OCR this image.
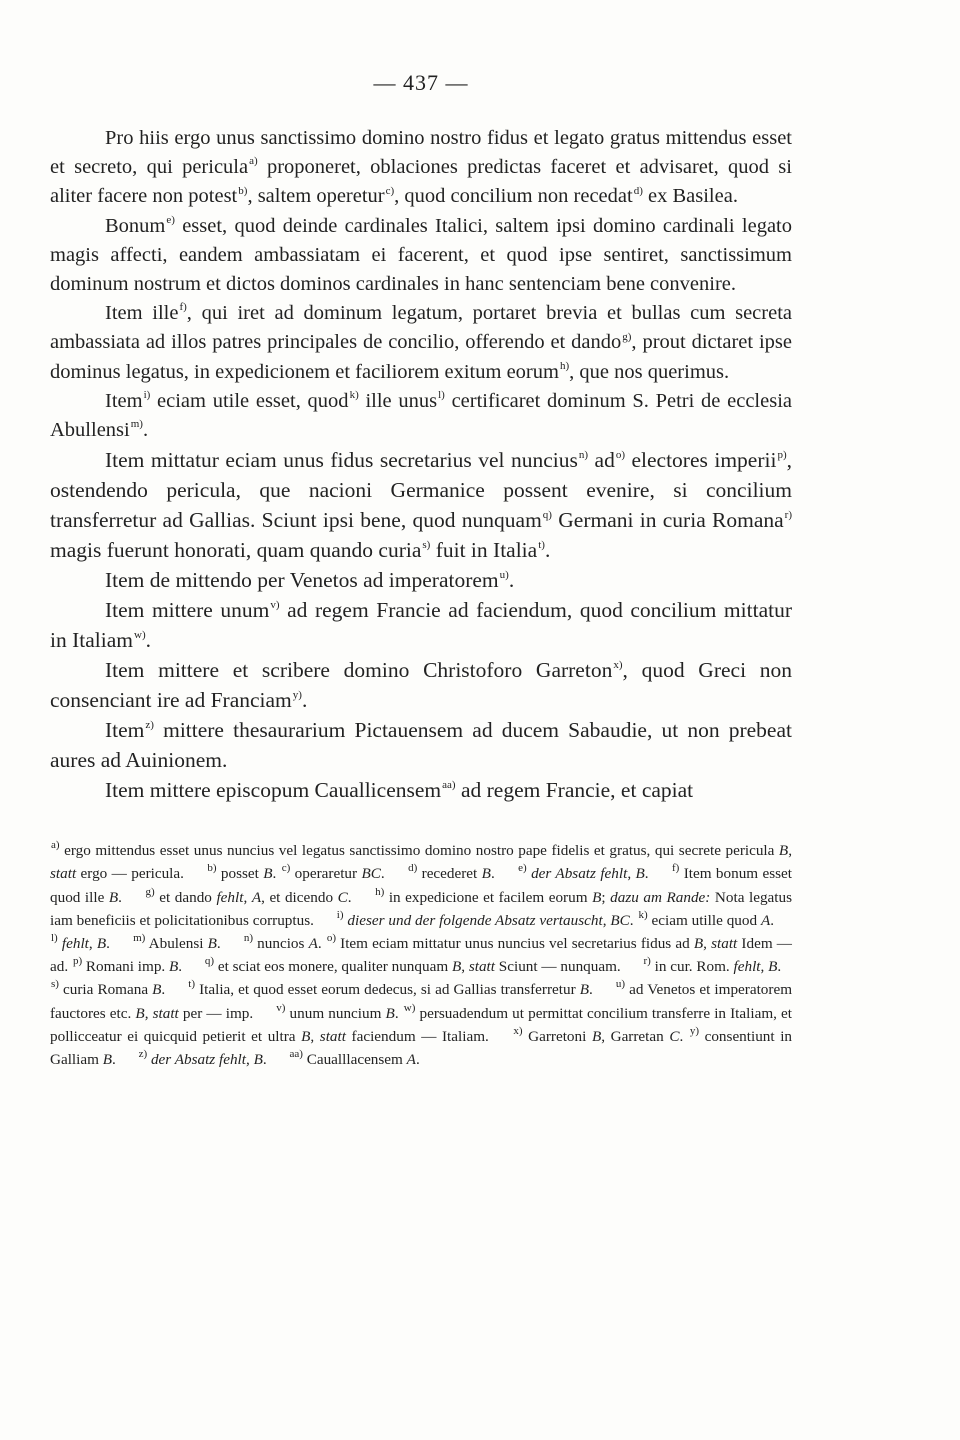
— 437 —

Pro hiis ergo unus sanctissimo domino nostro fidus et legato gratus mittendus esset et secreto, qui pericula$^{a)}$ proponeret, oblaciones predictas faceret et advisaret, quod si aliter facere non potest$^{b)}$, saltem operetur$^{c)}$, quod concilium non recedat$^{d)}$ ex Basilea.

Bonum$^{e)}$ esset, quod deinde cardinales Italici, saltem ipsi domino cardinali legato magis affecti, eandem ambassiatam ei facerent, et quod ipse sentiret, sanctissimum dominum nostrum et dictos dominos cardinales in hanc sentenciam bene convenire.

Item ille$^{f)}$, qui iret ad dominum legatum, portaret brevia et bullas cum secreta ambassiata ad illos patres principales de concilio, offerendo et dando$^{g)}$, prout dictaret ipse dominus legatus, in expedicionem et faciliorem exitum eorum$^{h)}$, que nos querimus.

Item$^{i)}$ eciam utile esset, quod$^{k)}$ ille unus$^{l)}$ certificaret dominum S. Petri de ecclesia Abullensi$^{m)}$.

Item mittatur eciam unus fidus secretarius vel nuncius$^{n)}$ $ad^{o)}$ electores imperii$^{p)}$, ostendendo pericula, que nacioni Germanice possent evenire, si concilium transferretur ad Gallias. Sciunt ipsi bene, quod nunquam$^{q)}$ Germani in curia Romana$^{r)}$ magis fuerunt honorati, quam quando curia$^{s)}$ fuit in Italia$^{t)}$.

Item de mittendo per Venetos ad imperatorem$^{u)}$.

Item mittere unum$^{v)}$ ad regem Francie ad faciendum, quod concilium mittatur in Italiam$^{w)}$.

Item mittere et scribere domino Christoforo Garreton$^{x)}$, quod Greci non consenciant ire ad Franciam$^{y)}$.

Item$^{z)}$ mittere thesaurarium Pictauensem ad ducem Sabaudie, ut non prebeat aures ad Auinionem.

Item mittere episcopum Cauallicensem$^{aa)}$ ad regem Francie, et capiat

$^{a)}$ ergo mittendus esset unus nuncius vel legatus sanctissimo domino nostro pape fidelis et gratus, qui secrete pericula B, statt ergo — pericula. $^{b)}$ posset B. $^{c)}$ operaretur BC. $^{d)}$ recederet B. $^{e)}$ der Absatz fehlt, B. $^{f)}$ Item bonum esset quod ille B. $^{g)}$ et dando fehlt, A, et dicendo C. $^{h)}$ in expedicione et facilem eorum B; dazu am Rande: Nota legatus iam beneficiis et policitationibus corruptus. $^{i)}$ dieser und der folgende Absatz vertauscht, BC. $^{k)}$ eciam utille quod A. $^{l)}$ fehlt, B. $^{m)}$ Abulensi B. $^{n)}$ nuncios A. $^{o)}$ Item eciam mittatur unus nuncius vel secretarius fidus ad B, statt Idem — ad. $^{p)}$ Romani imp. B. $^{q)}$ et sciat eos monere, qualiter nunquam B, statt Sciunt — nunquam. $^{r)}$ in cur. Rom. fehlt, B. $^{s)}$ curia Romana B. $^{t)}$ Italia, et quod esset eorum dedecus, si ad Gallias transferretur B. $^{u)}$ ad Venetos et imperatorem fauctores etc. B, statt per — imp. $^{v)}$ unum nuncium B. $^{w)}$ persuadendum ut permittat concilium transferre in Italiam, et pollicceatur ei quicquid petierit et ultra B, statt faciendum — Italiam. $^{x)}$ Garretoni B, Garretan C. $^{y)}$ consentiunt in Galliam B. $^{z)}$ der Absatz fehlt, B. $^{aa)}$ Caualllacensem A.
